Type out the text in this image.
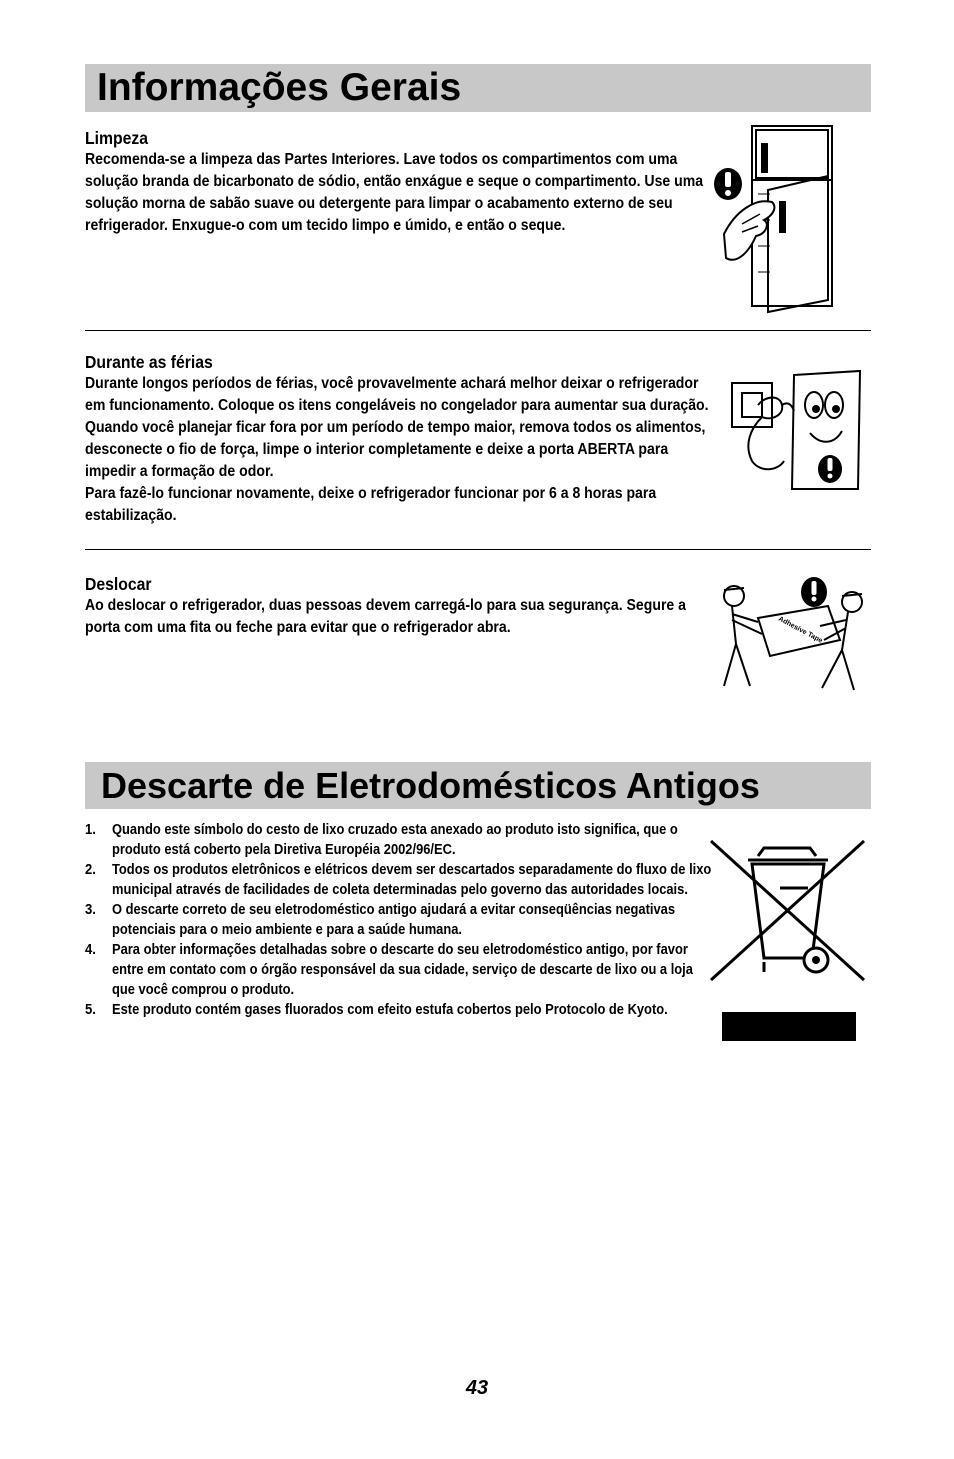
Informações Gerais
Limpeza

Recomenda-se a limpeza das Partes Interiores. Lave todos os compartimentos com uma solução branda de bicarbonato de sódio, então enxágue e seque o compartimento. Use uma solução morna de sabão suave ou detergente para limpar o acabamento externo de seu refrigerador. Enxugue-o com um tecido limpo e úmido, e então o seque.

Durante as férias

Durante longos períodos de férias, você provavelmente achará melhor deixar o refrigerador em funcionamento. Coloque os itens congeláveis no congelador para aumentar sua duração. Quando você planejar ficar fora por um período de tempo maior, remova todos os alimentos, desconecte o fio de força, limpe o interior completamente e deixe a porta ABERTA para impedir a formação de odor.

Para fazê-lo funcionar novamente, deixe o refrigerador funcionar por 6 a 8 horas para estabilização.

Deslocar

Ao deslocar o refrigerador, duas pessoas devem carregá-lo para sua segurança. Segure a porta com uma fita ou feche para evitar que o refrigerador abra.	Adhesive Tape
Descarte de Eletrodomésticos Antigos
1. Quando este símbolo do cesto de lixo cruzado esta anexado ao produto isto significa, que o produto está coberto pela Diretiva Européia 2002/96/EC.
2. Todos os produtos eletrônicos e elétricos devem ser descartados separadamente do fluxo de lixo municipal através de facilidades de coleta determinadas pelo governo das autoridades locais.
3. O descarte correto de seu eletrodoméstico antigo ajudará a evitar conseqüências negativas potenciais para o meio ambiente e para a saúde humana.
4. Para obter informações detalhadas sobre o descarte do seu eletrodoméstico antigo, por favor entre em contato com o órgão responsável da sua cidade, serviço de descarte de lixo ou a loja que você comprou o produto.
5. Este produto contém gases fluorados com efeito estufa cobertos pelo Protocolo de Kyoto.
43
